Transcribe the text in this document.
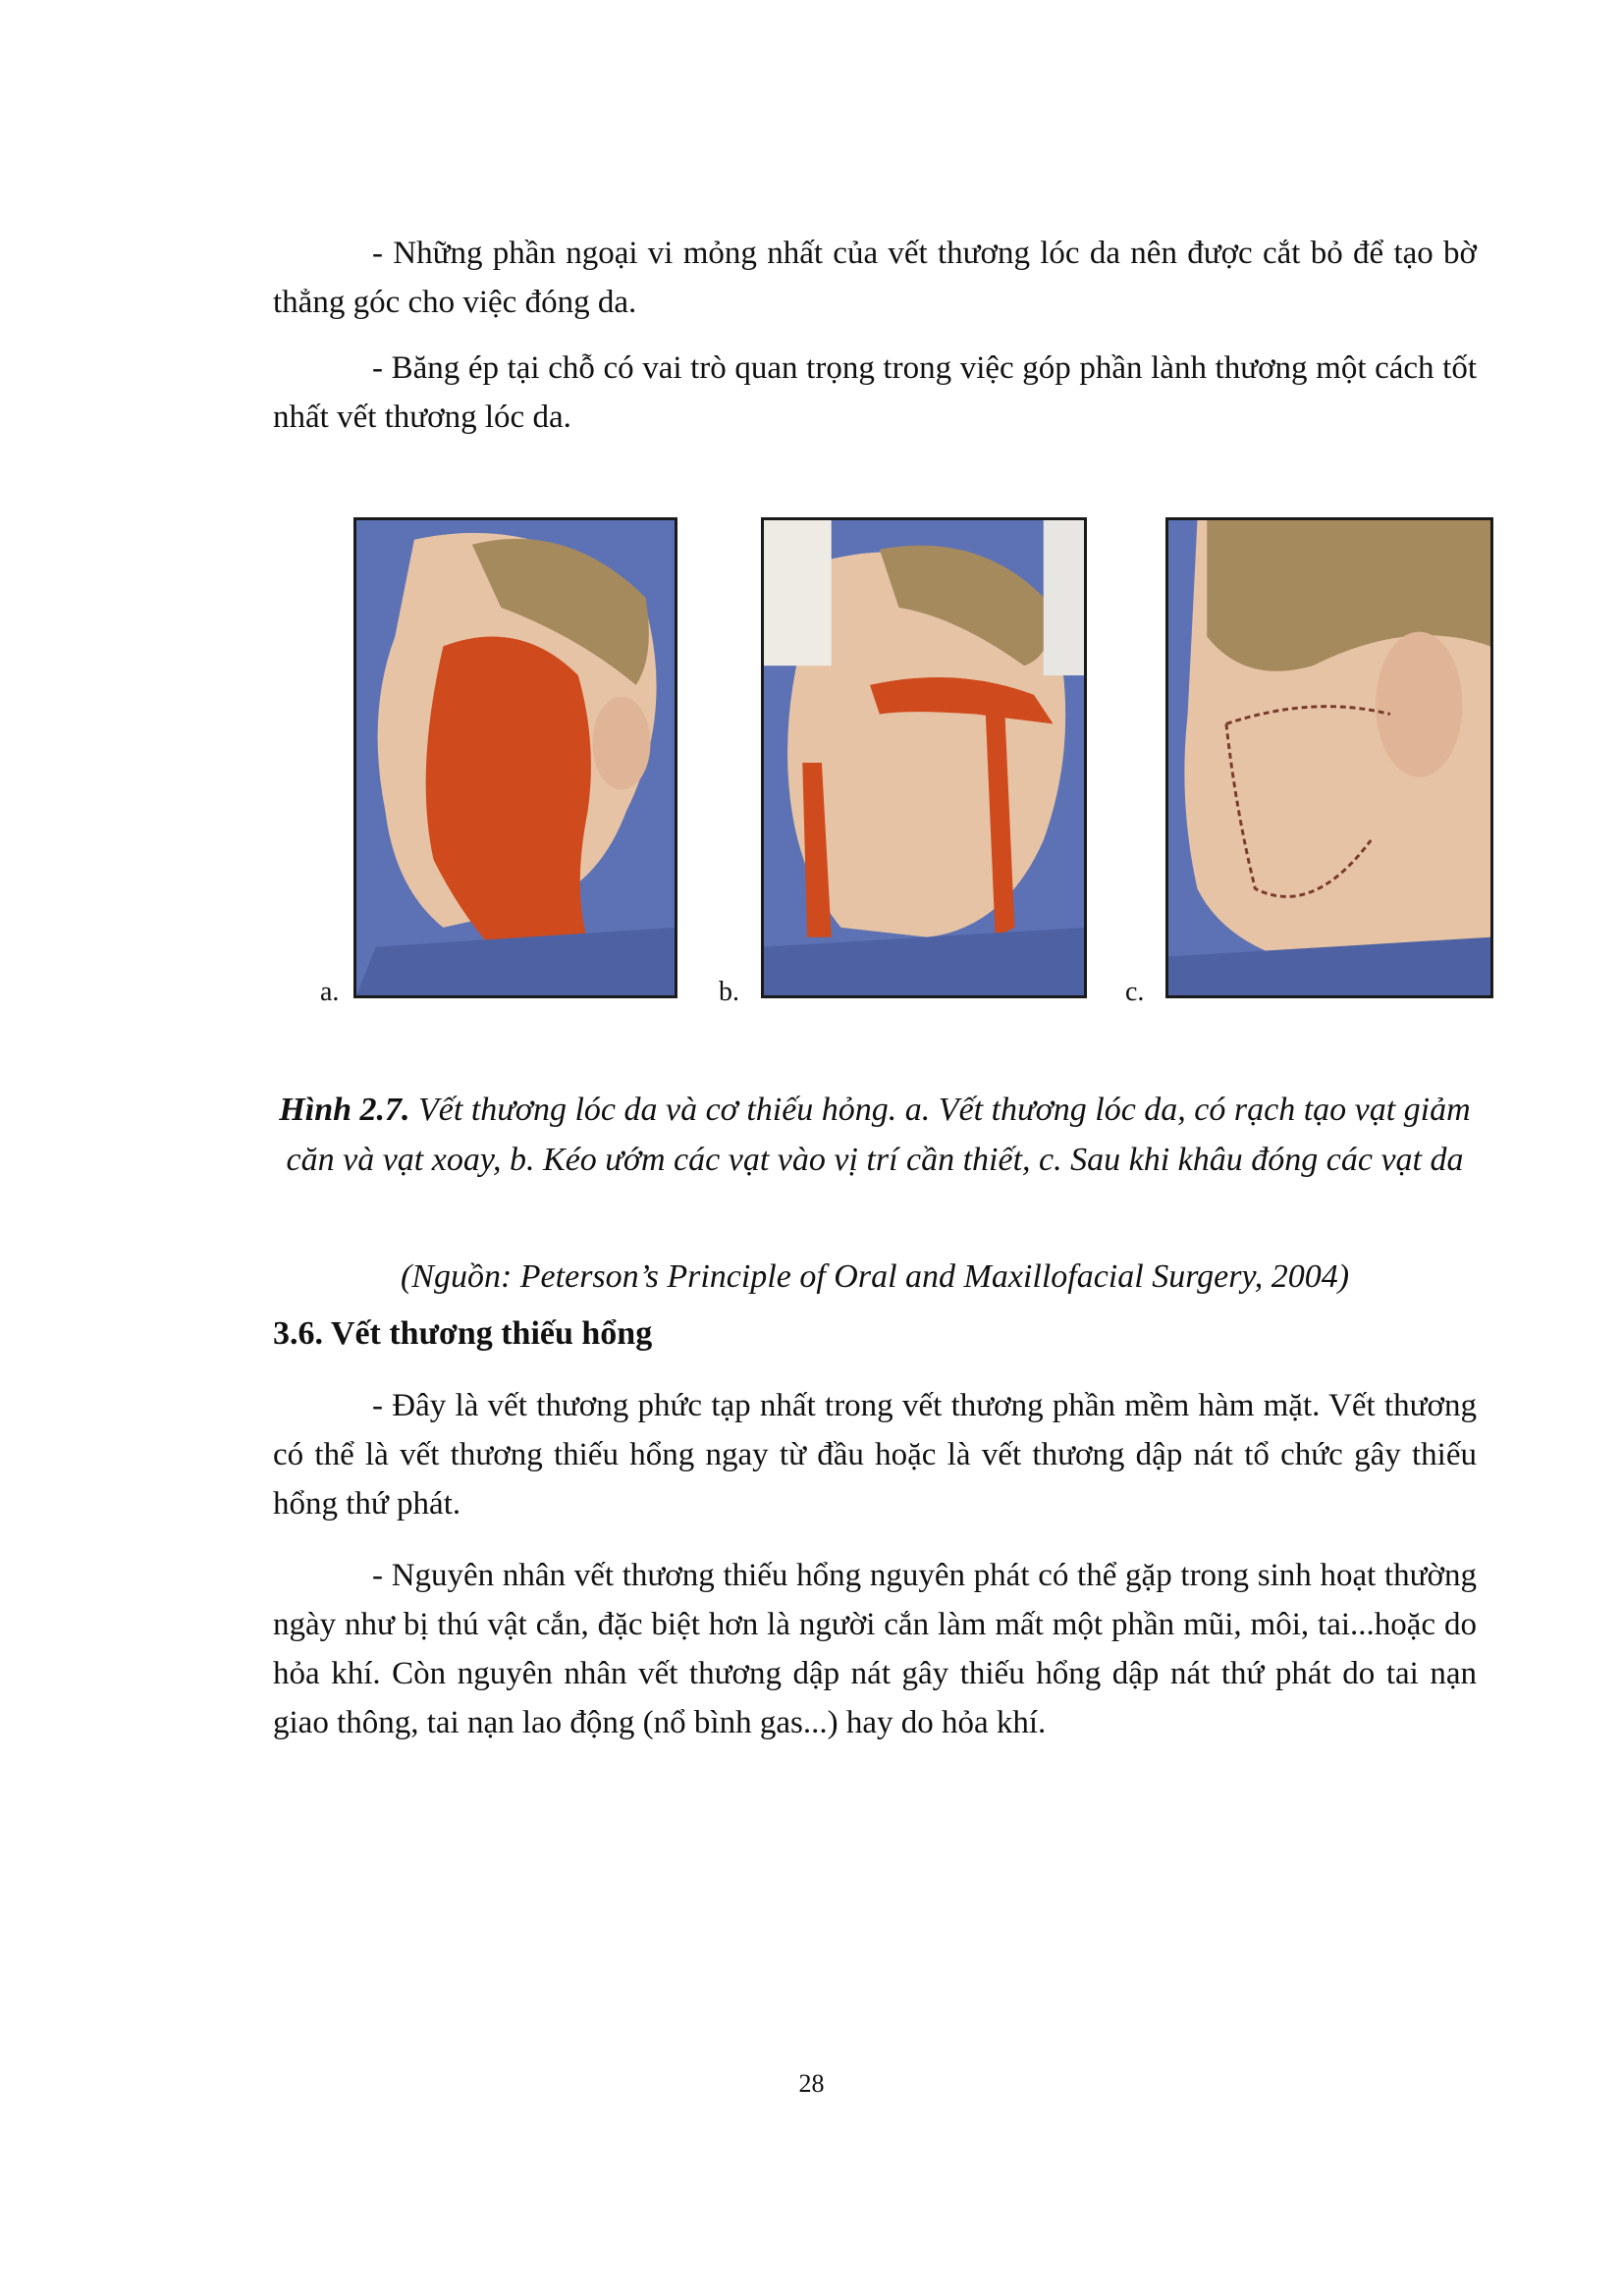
- Những phần ngoại vi mỏng nhất của vết thương lóc da nên được cắt bỏ để tạo bờ thẳng góc cho việc đóng da.

- Băng ép tại chỗ có vai trò quan trọng trong việc góp phần lành thương một cách tốt nhất vết thương lóc da.

a.	b.	c.

Hình 2.7. Vết thương lóc da và cơ thiếu hỏng. a. Vết thương lóc da, có rạch tạo vạt giảm căn và vạt xoay, b. Kéo ướm các vạt vào vị trí cần thiết, c. Sau khi khâu đóng các vạt da

(Nguồn: Peterson’s Principle of Oral and Maxillofacial Surgery, 2004)

3.6. Vết thương thiếu hổng

- Đây là vết thương phức tạp nhất trong vết thương phần mềm hàm mặt. Vết thương có thể là vết thương thiếu hổng ngay từ đầu hoặc là vết thương dập nát tổ chức gây thiếu hổng thứ phát.

- Nguyên nhân vết thương thiếu hổng nguyên phát có thể gặp trong sinh hoạt thường ngày như bị thú vật cắn, đặc biệt hơn là người cắn làm mất một phần mũi, môi, tai...hoặc do hỏa khí. Còn nguyên nhân vết thương dập nát gây thiếu hổng dập nát thứ phát do tai nạn giao thông, tai nạn lao động (nổ bình gas...) hay do hỏa khí.

28
